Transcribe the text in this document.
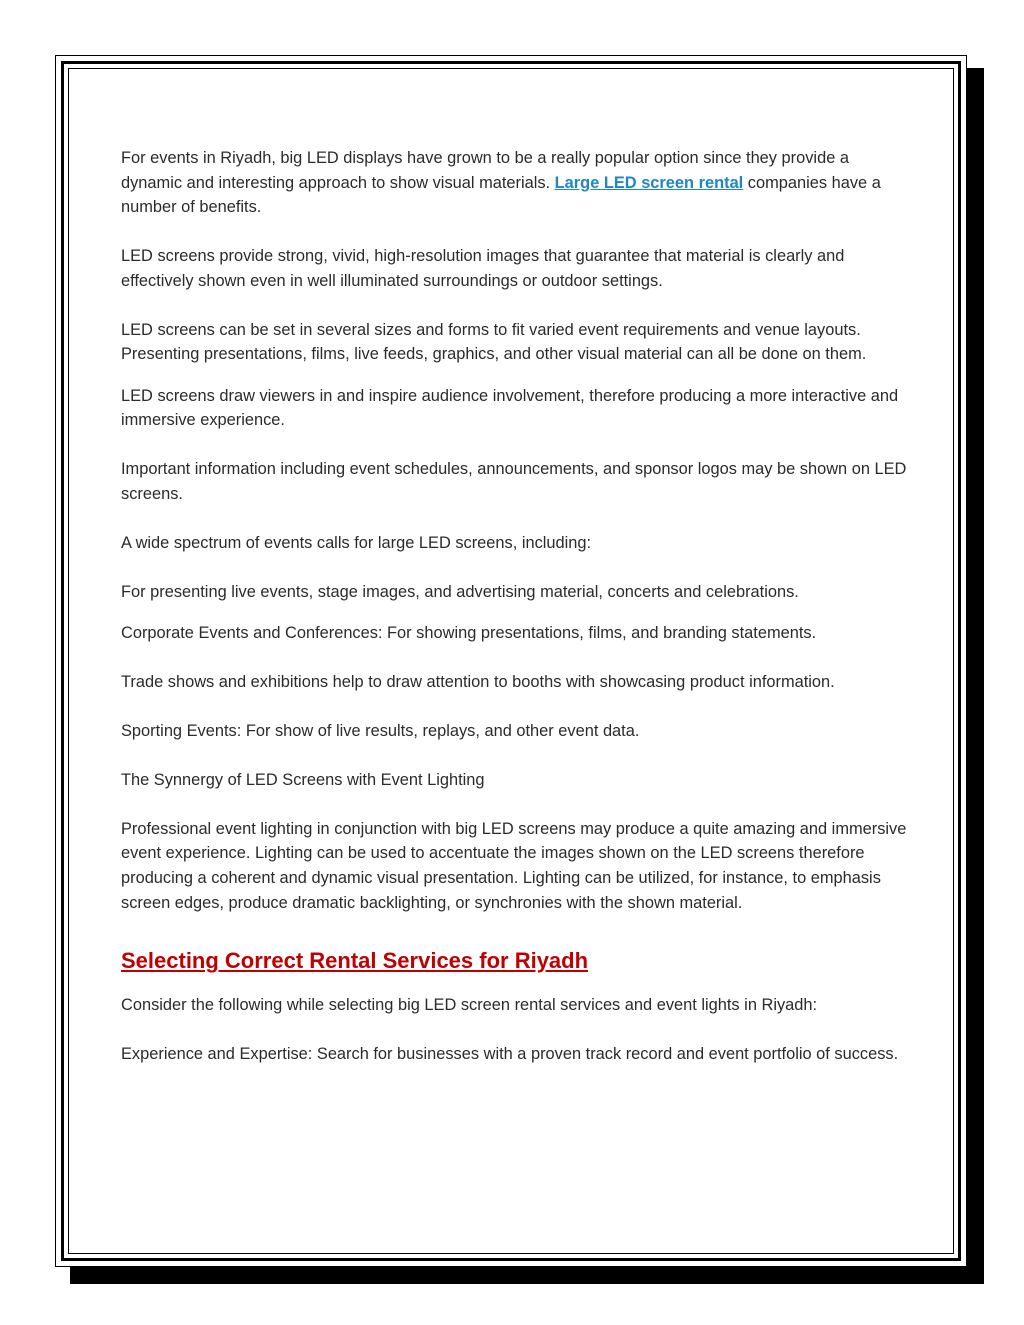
For events in Riyadh, big LED displays have grown to be a really popular option since they provide a dynamic and interesting approach to show visual materials. Large LED screen rental companies have a number of benefits.

LED screens provide strong, vivid, high-resolution images that guarantee that material is clearly and effectively shown even in well illuminated surroundings or outdoor settings.

LED screens can be set in several sizes and forms to fit varied event requirements and venue layouts. Presenting presentations, films, live feeds, graphics, and other visual material can all be done on them.

LED screens draw viewers in and inspire audience involvement, therefore producing a more interactive and immersive experience.

Important information including event schedules, announcements, and sponsor logos may be shown on LED screens.

A wide spectrum of events calls for large LED screens, including:

For presenting live events, stage images, and advertising material, concerts and celebrations.

Corporate Events and Conferences: For showing presentations, films, and branding statements.

Trade shows and exhibitions help to draw attention to booths with showcasing product information.

Sporting Events: For show of live results, replays, and other event data.

The Synnergy of LED Screens with Event Lighting

Professional event lighting in conjunction with big LED screens may produce a quite amazing and immersive event experience. Lighting can be used to accentuate the images shown on the LED screens therefore producing a coherent and dynamic visual presentation. Lighting can be utilized, for instance, to emphasis screen edges, produce dramatic backlighting, or synchronies with the shown material.

Selecting Correct Rental Services for Riyadh

Consider the following while selecting big LED screen rental services and event lights in Riyadh:

Experience and Expertise: Search for businesses with a proven track record and event portfolio of success.
